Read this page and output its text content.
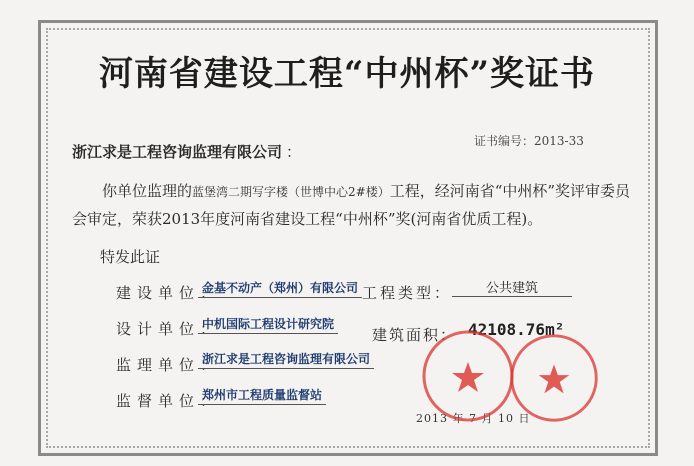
河南省建设工程“中州杯”奖证书
浙江求是工程咨询监理有限公司 ：
证书编号：2013-33
你单位监理的蓝堡湾二期写字楼（世博中心2#楼）工程，经河南省“中州杯”奖评审委员会审定，荣获2013年度河南省建设工程“中州杯”奖(河南省优质工程)。
特发此证
建设单位：
金基不动产（郑州）有限公司
设计单位：
中机国际工程设计研究院
监理单位：
浙江求是工程咨询监理有限公司
监督单位：
郑州市工程质量监督站
工程类型：	公共建筑
建筑面积： 42108.76m²
2013 年 7 月 10 日
